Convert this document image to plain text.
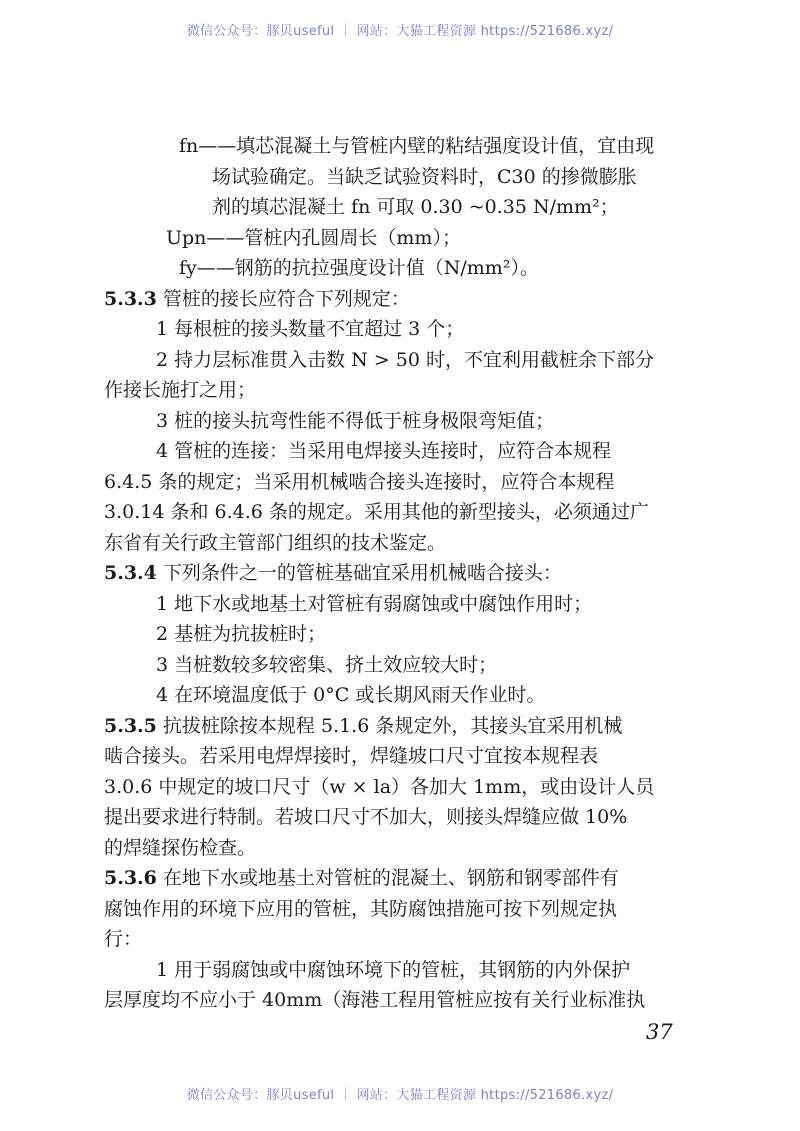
微信公众号：豚贝useful ｜ 网站：大猫工程资源 https://521686.xyz/
fn——填芯混凝土与管桩内壁的粘结强度设计值，宜由现
场试验确定。当缺乏试验资料时，C30 的掺微膨胀
剂的填芯混凝土 fn 可取 0.30 ~0.35 N/mm²；
Upn——管桩内孔圆周长（mm）；
fy——钢筋的抗拉强度设计值（N/mm²）。
5.3.3 管桩的接长应符合下列规定：
1 每根桩的接头数量不宜超过 3 个；
2 持力层标准贯入击数 N > 50 时，不宜利用截桩余下部分
作接长施打之用；
3 桩的接头抗弯性能不得低于桩身极限弯矩值；
4 管桩的连接：当采用电焊接头连接时，应符合本规程
6.4.5 条的规定；当采用机械啮合接头连接时，应符合本规程
3.0.14 条和 6.4.6 条的规定。采用其他的新型接头，必须通过广
东省有关行政主管部门组织的技术鉴定。
5.3.4 下列条件之一的管桩基础宜采用机械啮合接头：
1 地下水或地基土对管桩有弱腐蚀或中腐蚀作用时；
2 基桩为抗拔桩时；
3 当桩数较多较密集、挤土效应较大时；
4 在环境温度低于 0°C 或长期风雨天作业时。
5.3.5 抗拔桩除按本规程 5.1.6 条规定外，其接头宜采用机械
啮合接头。若采用电焊焊接时，焊缝坡口尺寸宜按本规程表
3.0.6 中规定的坡口尺寸（w × la）各加大 1mm，或由设计人员
提出要求进行特制。若坡口尺寸不加大，则接头焊缝应做 10%
的焊缝探伤检查。
5.3.6 在地下水或地基土对管桩的混凝土、钢筋和钢零部件有
腐蚀作用的环境下应用的管桩，其防腐蚀措施可按下列规定执
行：
1 用于弱腐蚀或中腐蚀环境下的管桩，其钢筋的内外保护
层厚度均不应小于 40mm（海港工程用管桩应按有关行业标准执
37
微信公众号：豚贝useful ｜ 网站：大猫工程资源 https://521686.xyz/
